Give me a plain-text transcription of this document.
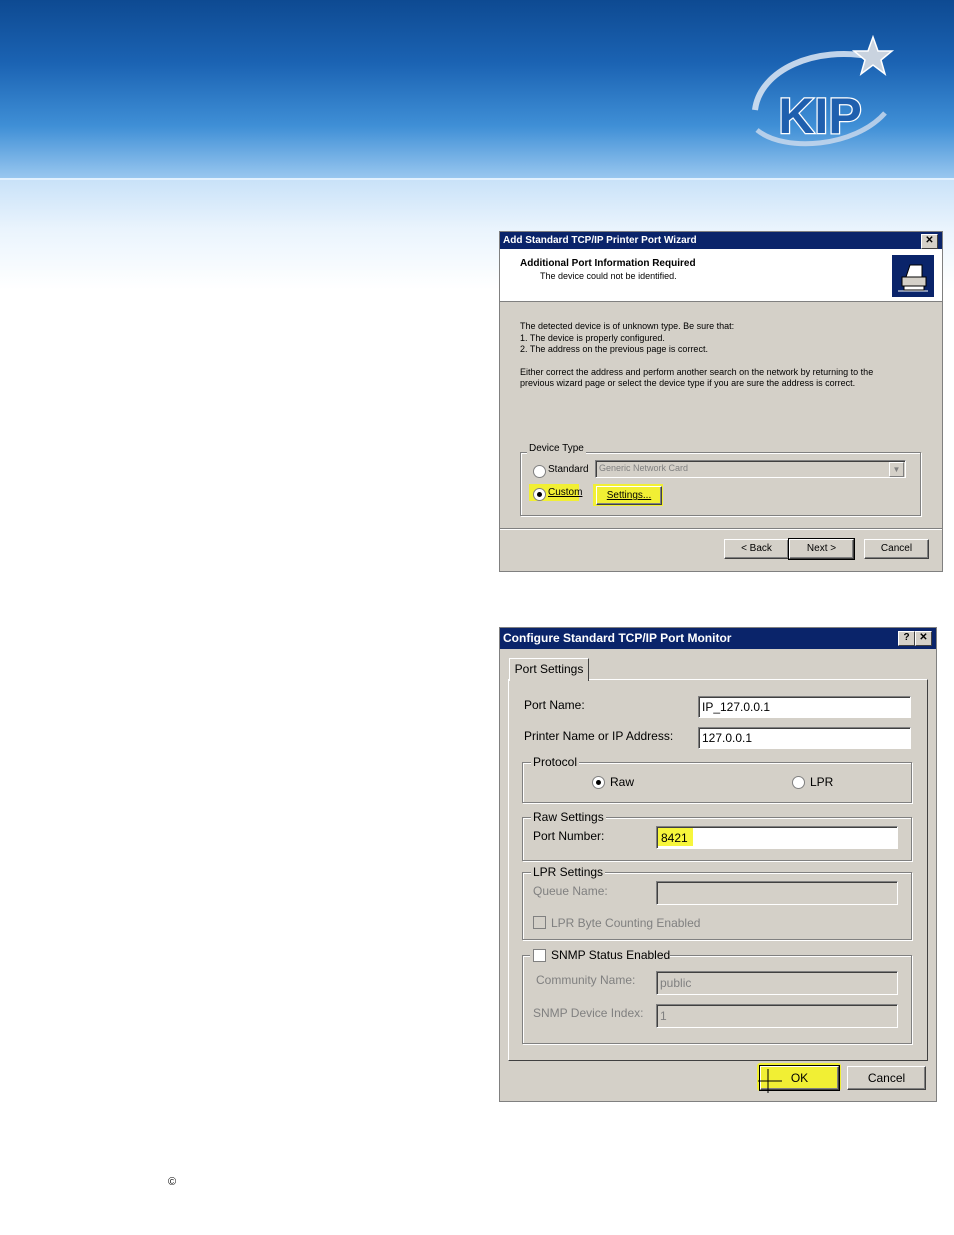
KIP
Add Standard TCP/IP Printer Port Wizard	✕
Additional Port Information Required
The device could not be identified.
The detected device is of unknown type. Be sure that:
1. The device is properly configured.
2. The address on the previous page is correct.
Either correct the address and perform another search on the network by returning to the
previous wizard page or select the device type if you are sure the address is correct.
Device Type
Standard Generic Network Card	▼
Custom	Settings...
< Back	Next >	Cancel
Configure Standard TCP/IP Port Monitor	? ✕
Port Settings
Port Name:	IP_127.0.0.1
Printer Name or IP Address: 127.0.0.1
Protocol
Raw	LPR
Raw Settings
Port Number:	8421
LPR Settings
Queue Name:
LPR Byte Counting Enabled
SNMP Status Enabled
Community Name: public
SNMP Device Index: 1
OK	Cancel
©
